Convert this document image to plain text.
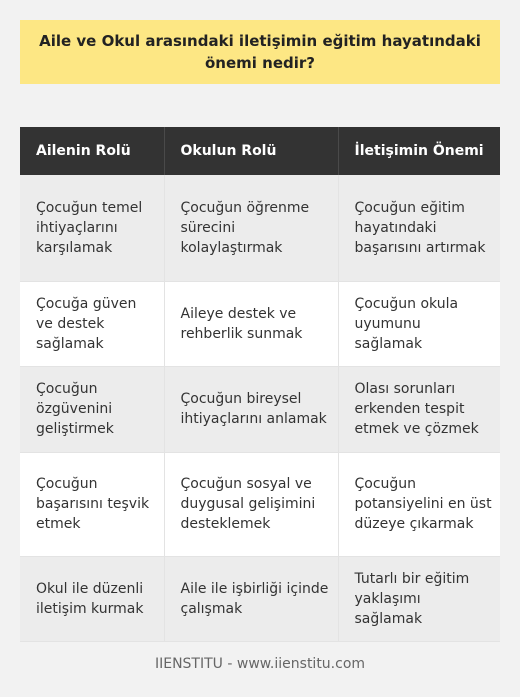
Aile ve Okul arasındaki iletişimin eğitim hayatındaki önemi nedir?
Ailenin Rolü	Okulun Rolü	İletişimin Önemi
Çocuğun temel ihtiyaçlarını karşılamak	Çocuğun öğrenme sürecini kolaylaştırmak	Çocuğun eğitim hayatındaki başarısını artırmak
Çocuğa güven ve destek sağlamak	Aileye destek ve rehberlik sunmak	Çocuğun okula uyumunu sağlamak
Çocuğun özgüvenini geliştirmek	Çocuğun bireysel ihtiyaçlarını anlamak	Olası sorunları erkenden tespit etmek ve çözmek
Çocuğun başarısını teşvik etmek	Çocuğun sosyal ve duygusal gelişimini desteklemek	Çocuğun potansiyelini en üst düzeye çıkarmak
Okul ile düzenli iletişim kurmak	Aile ile işbirliği içinde çalışmak	Tutarlı bir eğitim yaklaşımı sağlamak
IIENSTITU - www.iienstitu.com
